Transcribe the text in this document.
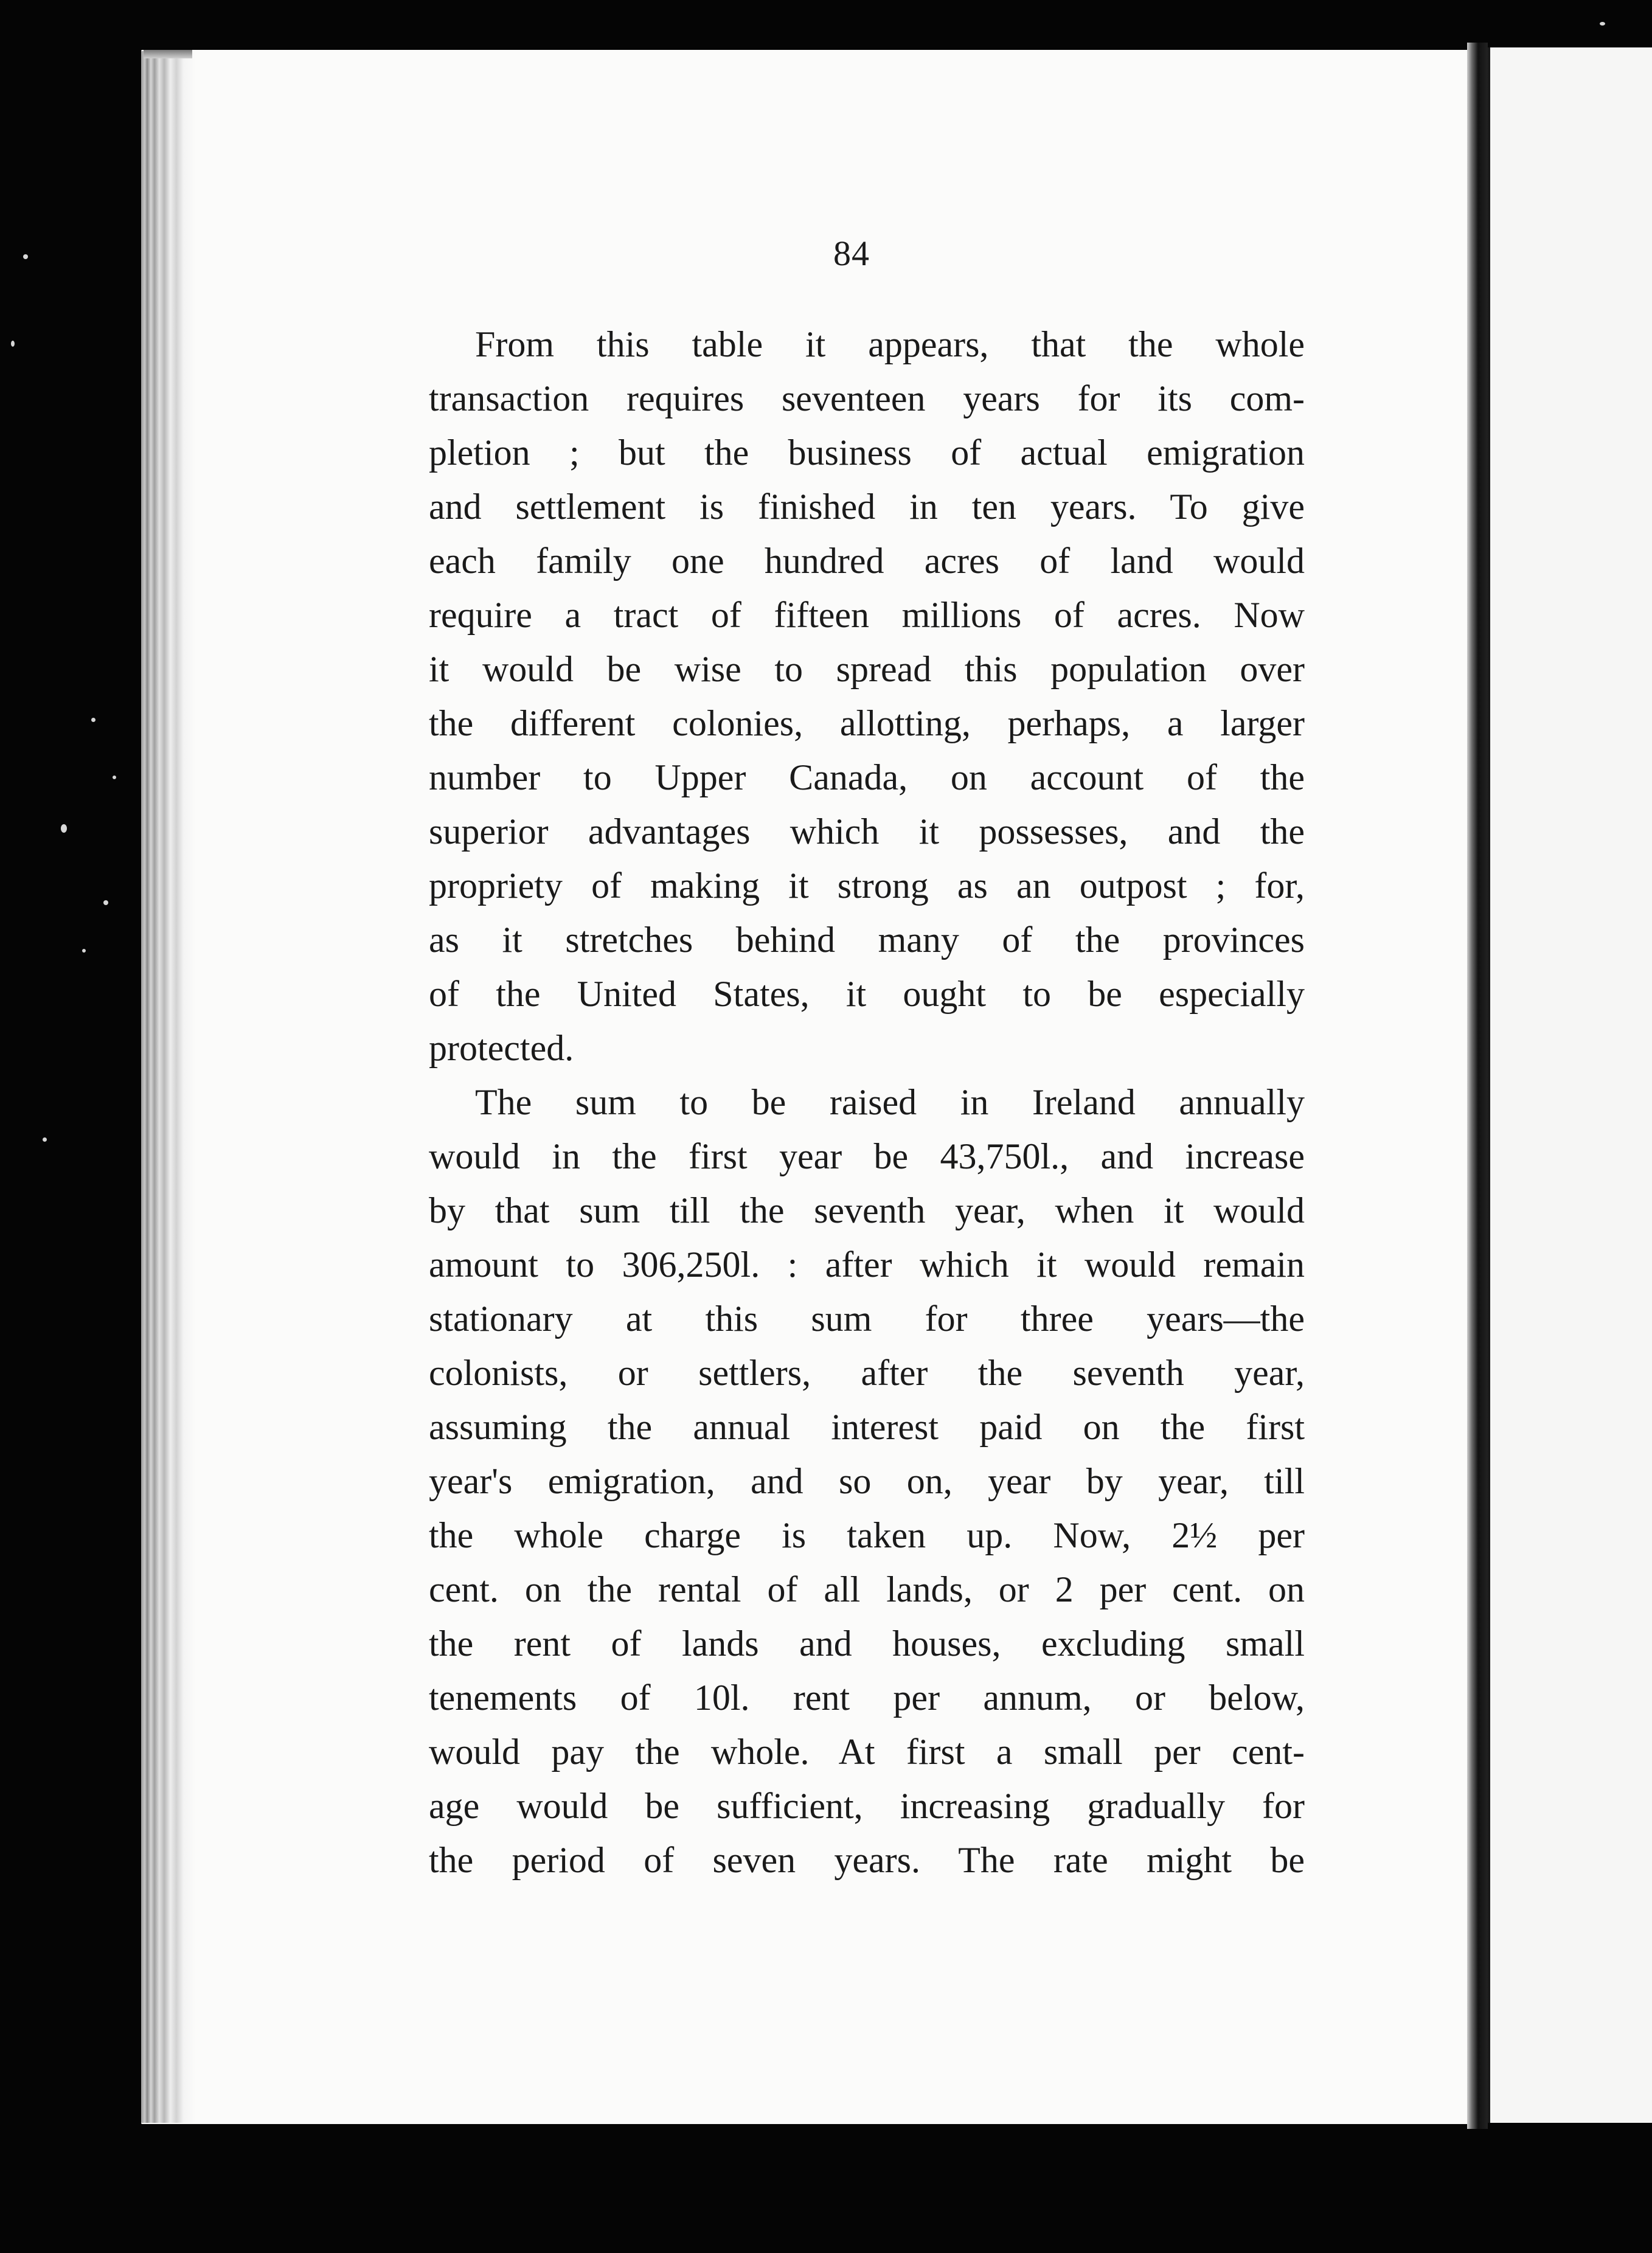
84
From this table it appears, that the whole
transaction requires seventeen years for its com-
pletion ; but the business of actual emigration
and settlement is finished in ten years. To give
each family one hundred acres of land would
require a tract of fifteen millions of acres. Now
it would be wise to spread this population over
the different colonies, allotting, perhaps, a larger
number to Upper Canada, on account of the
superior advantages which it possesses, and the
propriety of making it strong as an outpost ; for,
as it stretches behind many of the provinces
of the United States, it ought to be especially
protected.
The sum to be raised in Ireland annually
would in the first year be 43,750l., and increase
by that sum till the seventh year, when it would
amount to 306,250l. : after which it would remain
stationary at this sum for three years—the
colonists, or settlers, after the seventh year,
assuming the annual interest paid on the first
year's emigration, and so on, year by year, till
the whole charge is taken up. Now, 2½ per
cent. on the rental of all lands, or 2 per cent. on
the rent of lands and houses, excluding small
tenements of 10l. rent per annum, or below,
would pay the whole. At first a small per cent-
age would be sufficient, increasing gradually for
the period of seven years. The rate might be
